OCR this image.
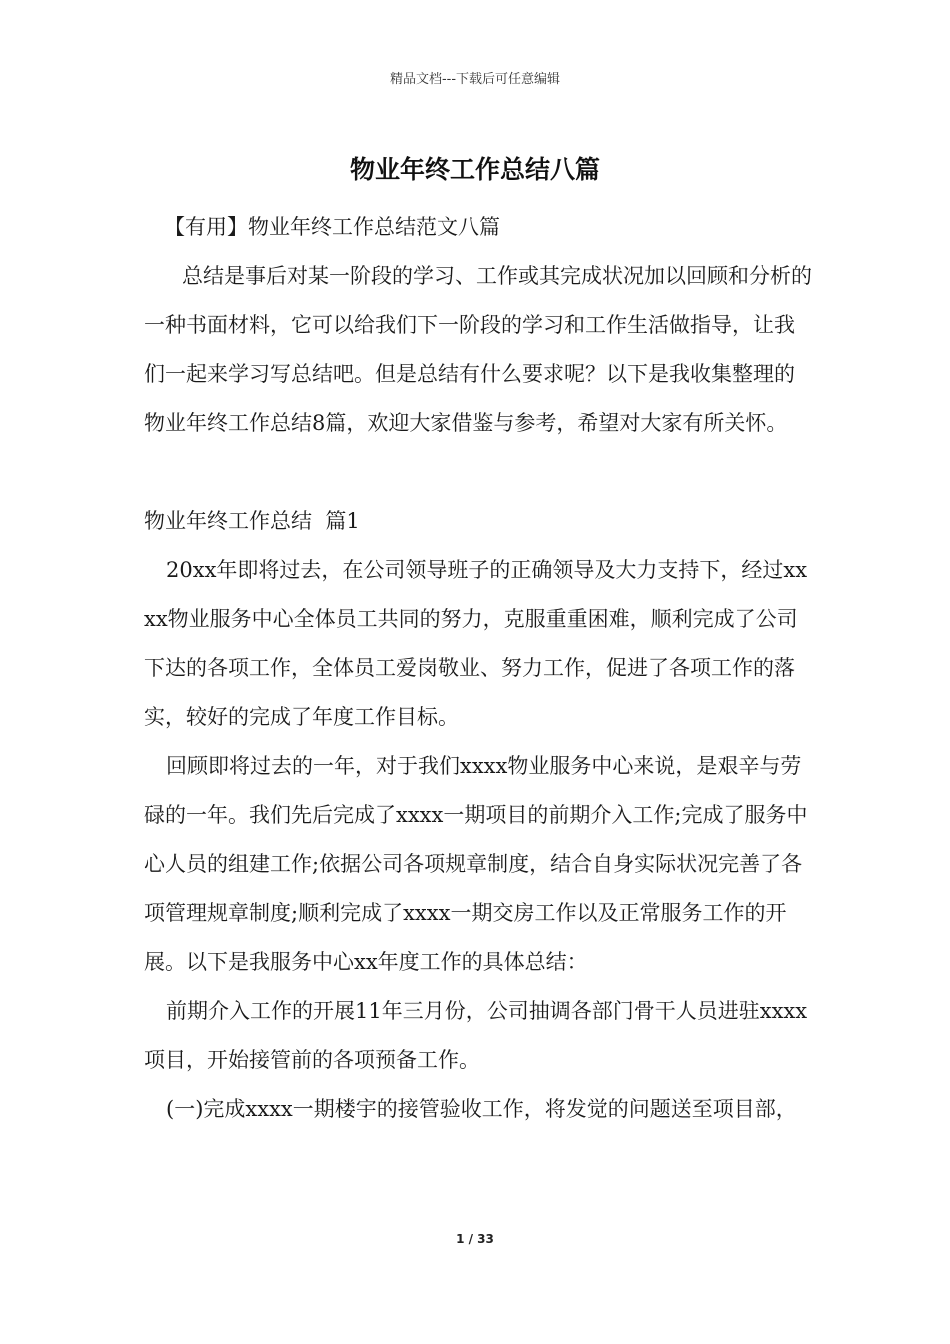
精品文档---下载后可任意编辑
物业年终工作总结八篇

【有用】物业年终工作总结范文八篇

总结是事后对某一阶段的学习、工作或其完成状况加以回顾和分析的一种书面材料，它可以给我们下一阶段的学习和工作生活做指导，让我们一起来学习写总结吧。但是总结有什么要求呢？以下是我收集整理的物业年终工作总结8篇，欢迎大家借鉴与参考，希望对大家有所关怀。

物业年终工作总结  篇1

20xx年即将过去，在公司领导班子的正确领导及大力支持下，经过xxxx物业服务中心全体员工共同的努力，克服重重困难，顺利完成了公司下达的各项工作，全体员工爱岗敬业、努力工作，促进了各项工作的落实，较好的完成了年度工作目标。

回顾即将过去的一年，对于我们xxxx物业服务中心来说，是艰辛与劳碌的一年。我们先后完成了xxxx一期项目的前期介入工作;完成了服务中心人员的组建工作;依据公司各项规章制度，结合自身实际状况完善了各项管理规章制度;顺利完成了xxxx一期交房工作以及正常服务工作的开展。以下是我服务中心xx年度工作的具体总结：

前期介入工作的开展11年三月份，公司抽调各部门骨干人员进驻xxxx项目，开始接管前的各项预备工作。

(一)完成xxxx一期楼宇的接管验收工作，将发觉的问题送至项目部，

1 / 33
